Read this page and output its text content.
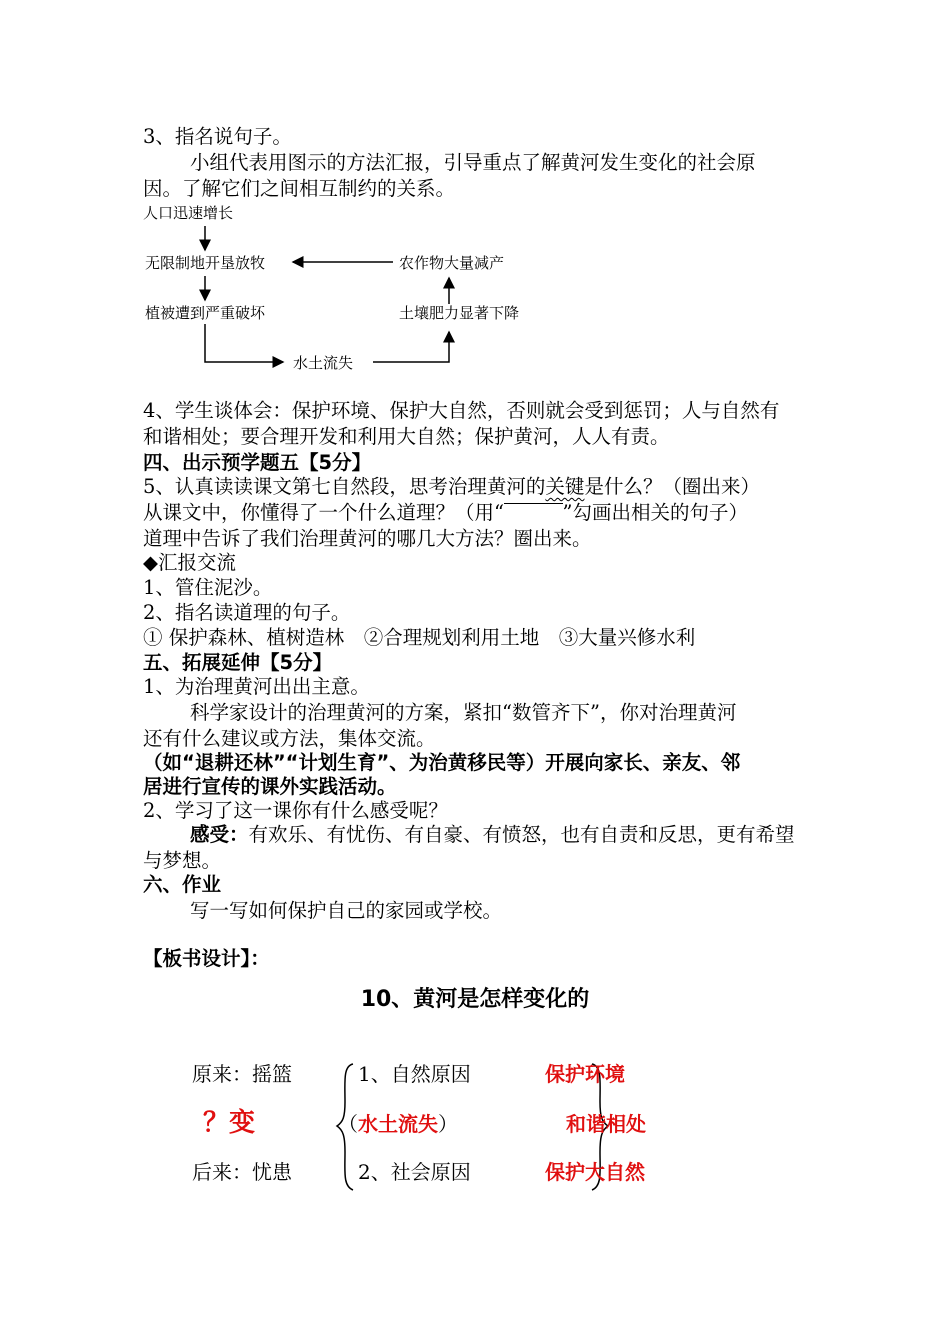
3、指名说句子。
小组代表用图示的方法汇报，引导重点了解黄河发生变化的社会原
因。了解它们之间相互制约的关系。
人口迅速增长
无限制地开垦放牧	农作物大量减产
植被遭到严重破坏	土壤肥力显著下降
水土流失
4、学生谈体会：保护环境、保护大自然，否则就会受到惩罚；人与自然有
和谐相处；要合理开发和利用大自然；保护黄河，人人有责。
四、出示预学题五【5分】
5、认真读读课文第七自然段，思考治理黄河的关键是什么？（圈出来）
从课文中，你懂得了一个什么道理？（用“　　　	”勾画出相关的句子）
道理中告诉了我们治理黄河的哪几大方法？圈出来。
◆汇报交流
1、管住泥沙。
2、指名读道理的句子。
① 保护森林、植树造林　②合理规划利用土地　③大量兴修水利
五、拓展延伸【5分】
1、为治理黄河出出主意。
科学家设计的治理黄河的方案，紧扣“数管齐下”，你对治理黄河
还有什么建议或方法，集体交流。
（如“退耕还林”“计划生育”、为治黄移民等）开展向家长、亲友、邻
居进行宣传的课外实践活动。
2、学习了这一课你有什么感受呢？
感受：有欢乐、有忧伤、有自豪、有愤怒，也有自责和反思，更有希望
与梦想。
六、作业
写一写如何保护自己的家园或学校。
【板书设计】：
10、黄河是怎样变化的
原来：摇篮
？变
后来：忧患
1、自然原因
（水土流失）
2、社会原因
保护环境
和谐相处
保护大自然
